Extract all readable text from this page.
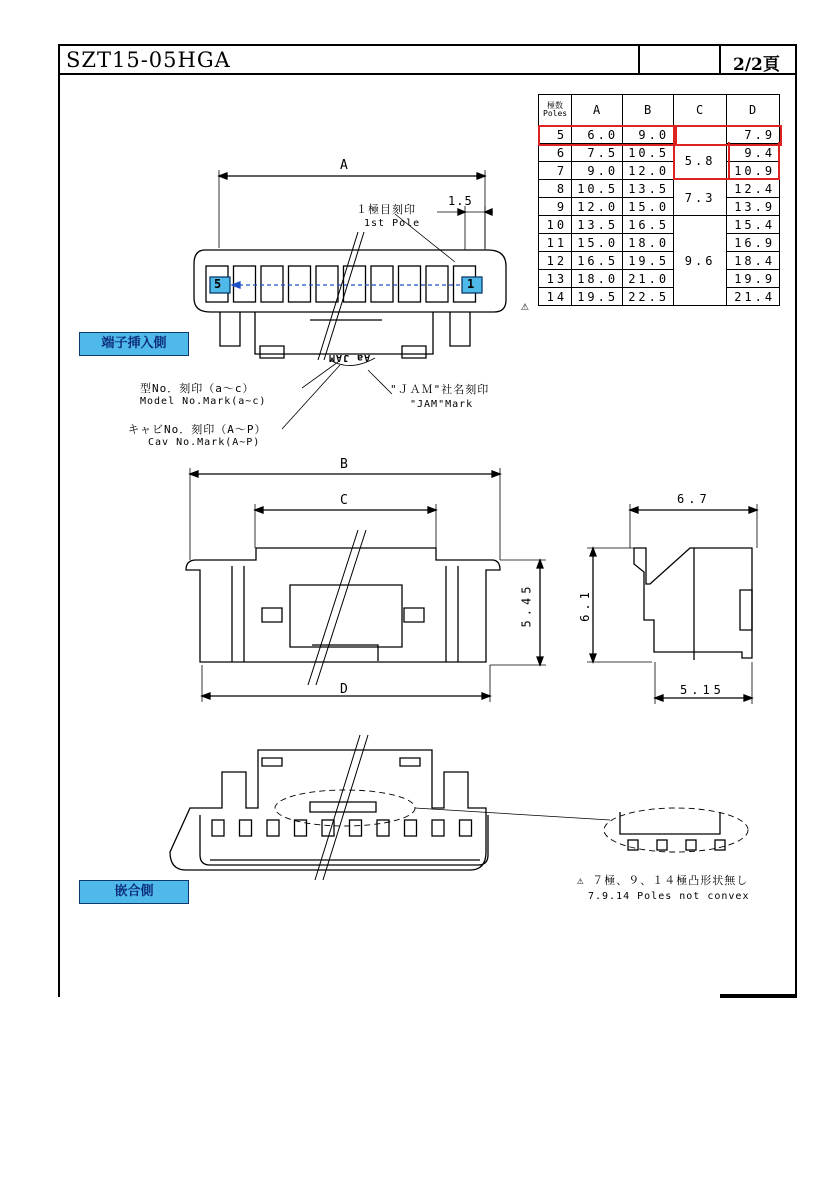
SZT15-05HGA	2/2頁
極数
Poles	A	B	C	D
5	6.0	9.0		7.9
6	7.5	10.5	5.8	9.4
7	9.0	12.0		10.9
8	10.5	13.5	7.3	12.4
9	12.0	15.0		13.9
10	13.5	16.5	9.6	15.4
11	15.0	18.0		16.9
12	16.5	19.5		18.4
13	18.0	21.0		19.9
14	19.5	22.5		21.4
⚠
A
１極目刻印
1st Pole
1.5
5	1
Aa JAM
端子挿入側
嵌合側
型No．刻印（a～c）
Model No.Mark(a~c)
キャビNo．刻印（A～P）
Cav No.Mark(A~P)
"ＪＡＭ"社名刻印
"JAM"Mark
B
C
D
5.45	6.1
6.7
5.15
⚠ ７極、９、１４極凸形状無し
7.9.14 Poles not convex
